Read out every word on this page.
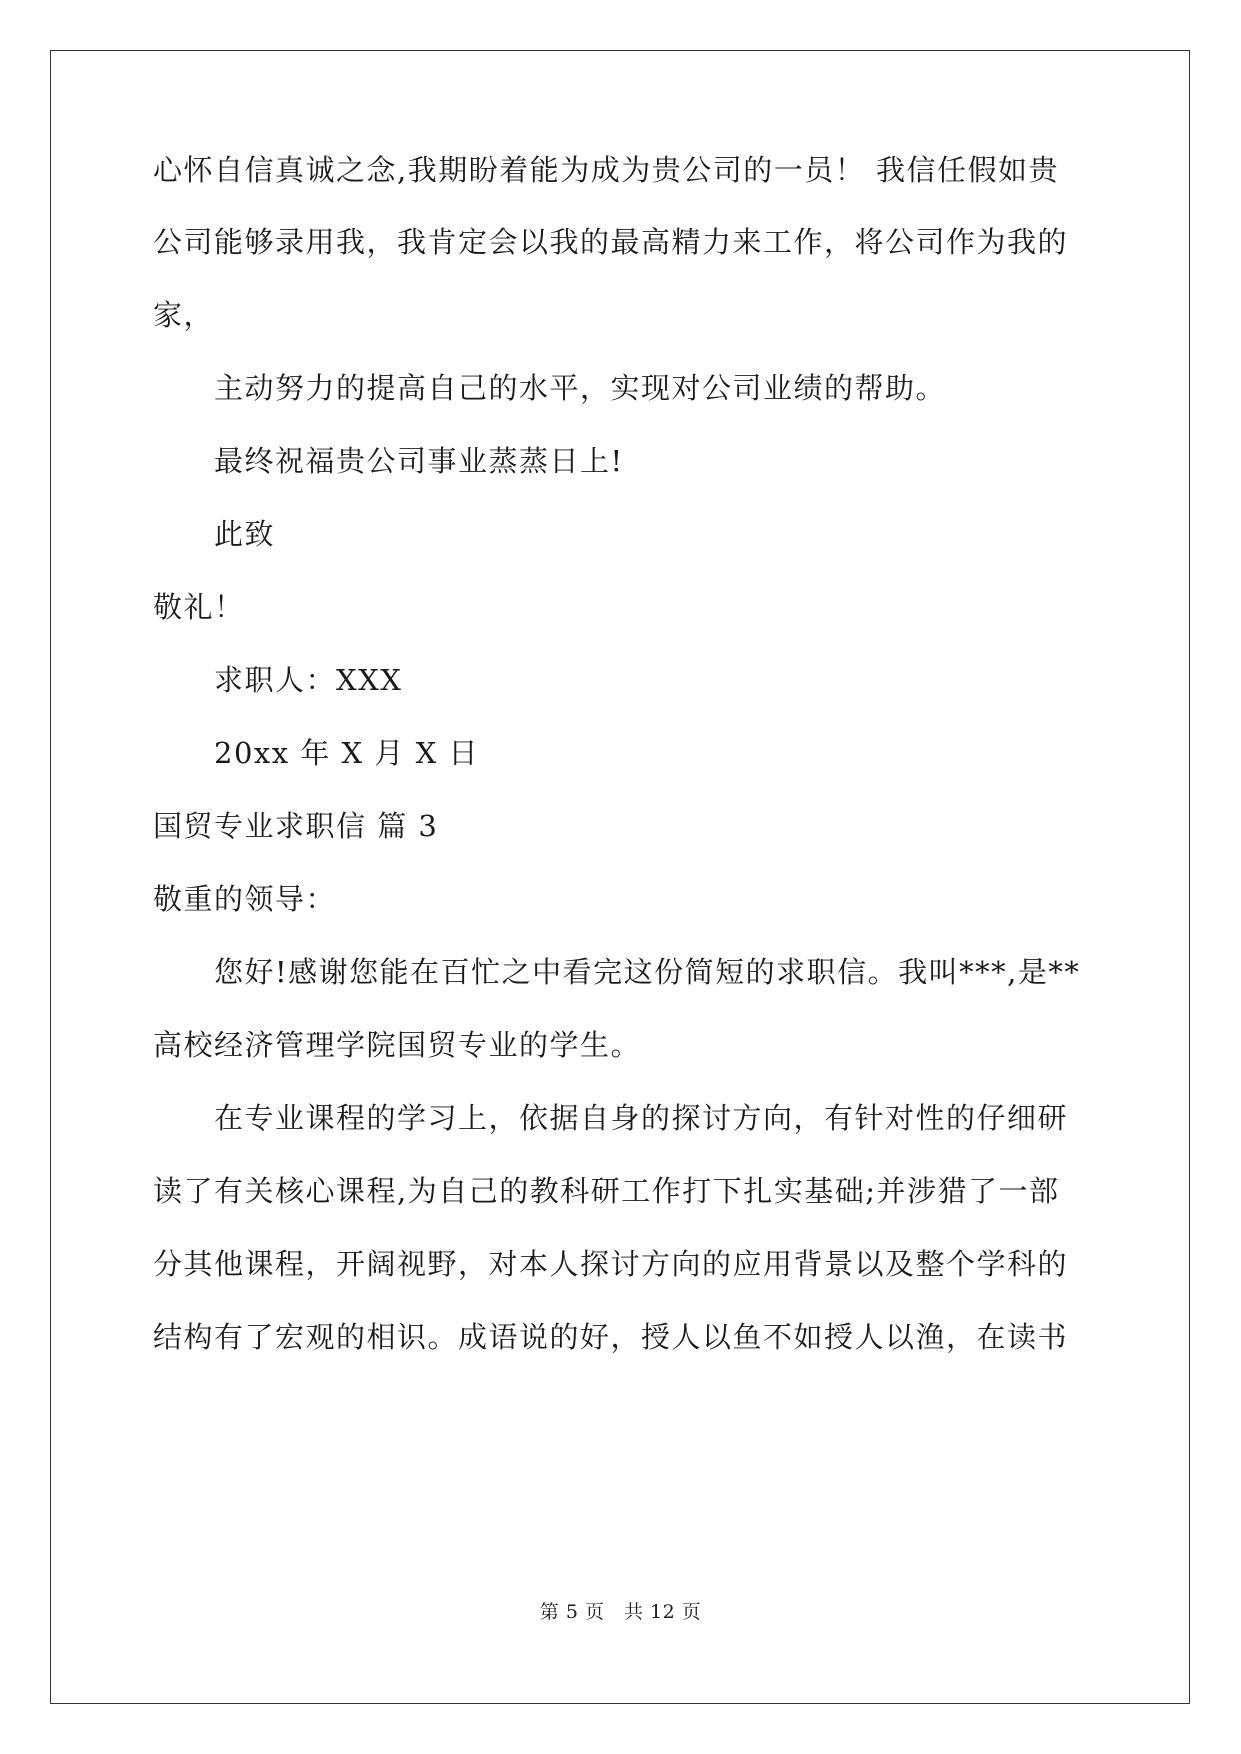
心怀自信真诚之念,我期盼着能为成为贵公司的一员！ 我信任假如贵
公司能够录用我，我肯定会以我的最高精力来工作，将公司作为我的
家，
主动努力的提高自己的水平，实现对公司业绩的帮助。
最终祝福贵公司事业蒸蒸日上!
此致
敬礼！
求职人：XXX
20xx 年 X 月 X 日
国贸专业求职信 篇 3
敬重的领导：
您好!感谢您能在百忙之中看完这份简短的求职信。我叫***,是**
高校经济管理学院国贸专业的学生。
在专业课程的学习上，依据自身的探讨方向，有针对性的仔细研
读了有关核心课程,为自己的教科研工作打下扎实基础;并涉猎了一部
分其他课程，开阔视野，对本人探讨方向的应用背景以及整个学科的
结构有了宏观的相识。成语说的好，授人以鱼不如授人以渔，在读书
第 5 页　共 12 页
